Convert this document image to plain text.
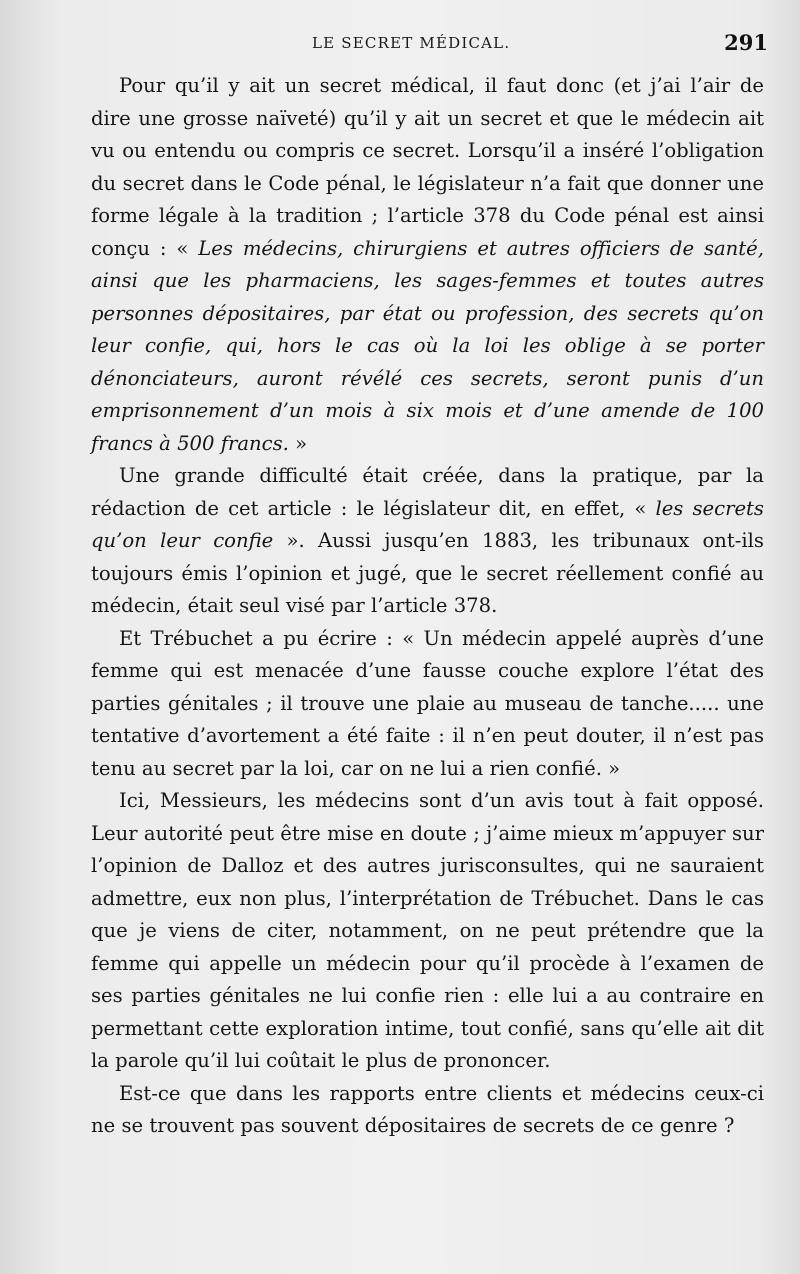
LE SECRET MÉDICAL.	291

Pour qu’il y ait un secret médical, il faut donc (et j’ai l’air de dire une grosse naïveté) qu’il y ait un secret et que le médecin ait vu ou entendu ou compris ce secret. Lorsqu’il a inséré l’obligation du secret dans le Code pénal, le législateur n’a fait que donner une forme légale à la tradition ; l’article 378 du Code pénal est ainsi conçu : « Les médecins, chirurgiens et autres officiers de santé, ainsi que les pharmaciens, les sages-femmes et toutes autres personnes dépositaires, par état ou profession, des secrets qu’on leur confie, qui, hors le cas où la loi les oblige à se porter dénonciateurs, auront révélé ces secrets, seront punis d’un emprisonnement d’un mois à six mois et d’une amende de 100 francs à 500 francs. »

Une grande difficulté était créée, dans la pratique, par la rédaction de cet article : le législateur dit, en effet, « les secrets qu’on leur confie ». Aussi jusqu’en 1883, les tribunaux ont-ils toujours émis l’opinion et jugé, que le secret réellement confié au médecin, était seul visé par l’article 378.

Et Trébuchet a pu écrire : « Un médecin appelé auprès d’une femme qui est menacée d’une fausse couche explore l’état des parties génitales ; il trouve une plaie au museau de tanche..... une tentative d’avortement a été faite : il n’en peut douter, il n’est pas tenu au secret par la loi, car on ne lui a rien confié. »

Ici, Messieurs, les médecins sont d’un avis tout à fait opposé. Leur autorité peut être mise en doute ; j’aime mieux m’appuyer sur l’opinion de Dalloz et des autres jurisconsultes, qui ne sauraient admettre, eux non plus, l’interprétation de Trébuchet. Dans le cas que je viens de citer, notamment, on ne peut prétendre que la femme qui appelle un médecin pour qu’il procède à l’examen de ses parties génitales ne lui confie rien : elle lui a au contraire en permettant cette exploration intime, tout confié, sans qu’elle ait dit la parole qu’il lui coûtait le plus de prononcer.

Est-ce que dans les rapports entre clients et médecins ceux-ci ne se trouvent pas souvent dépositaires de secrets de ce genre ?
